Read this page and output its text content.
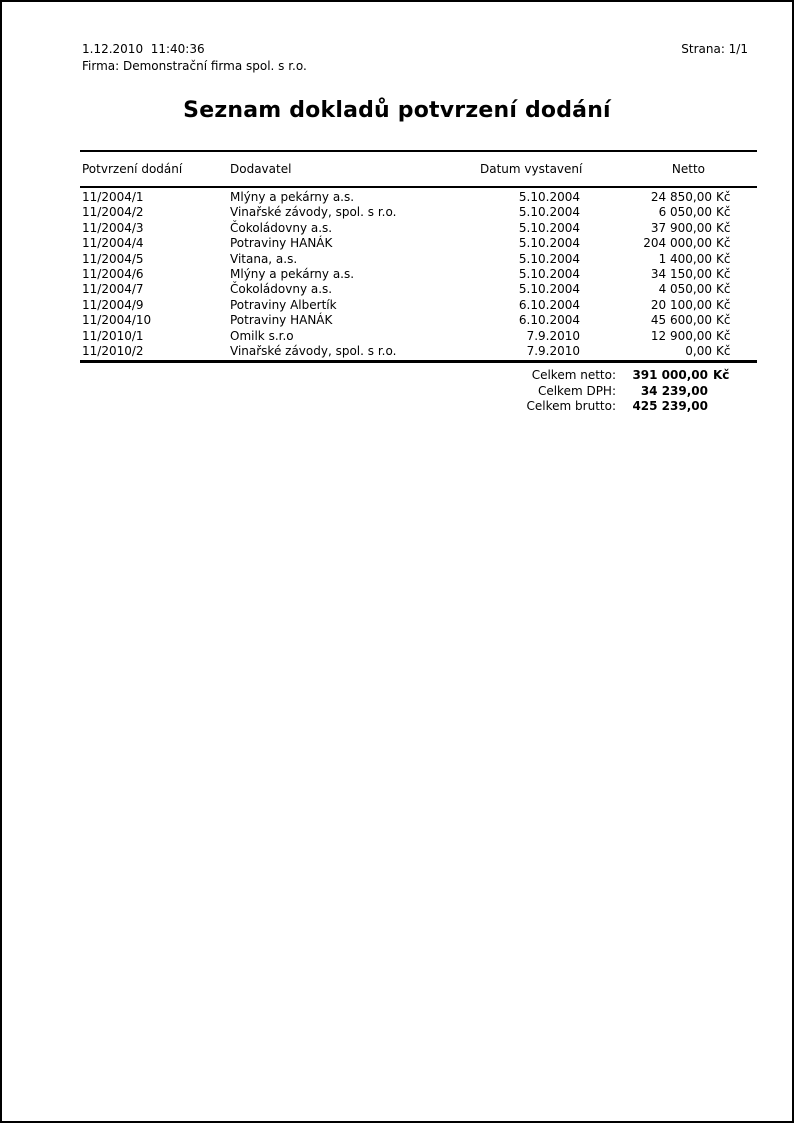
1.12.2010  11:40:36	Strana: 1/1
Firma: Demonstrační firma spol. s r.o.
Seznam dokladů potvrzení dodání
Potvrzení dodání	Dodavatel	Datum vystavení	Netto
11/2004/1	Mlýny a pekárny a.s.	5.10.2004	24 850,00 Kč
11/2004/2	Vinařské závody, spol. s r.o.	5.10.2004	6 050,00 Kč
11/2004/3	Čokoládovny a.s.	5.10.2004	37 900,00 Kč
11/2004/4	Potraviny HANÁK	5.10.2004	204 000,00 Kč
11/2004/5	Vitana, a.s.	5.10.2004	1 400,00 Kč
11/2004/6	Mlýny a pekárny a.s.	5.10.2004	34 150,00 Kč
11/2004/7	Čokoládovny a.s.	5.10.2004	4 050,00 Kč
11/2004/9	Potraviny Albertík	6.10.2004	20 100,00 Kč
11/2004/10	Potraviny HANÁK	6.10.2004	45 600,00 Kč
11/2010/1	Omilk s.r.o	7.9.2010	12 900,00 Kč
11/2010/2	Vinařské závody, spol. s r.o.	7.9.2010	0,00 Kč
Celkem netto:	391 000,00 Kč
Celkem DPH:	34 239,00
Celkem brutto:	425 239,00
